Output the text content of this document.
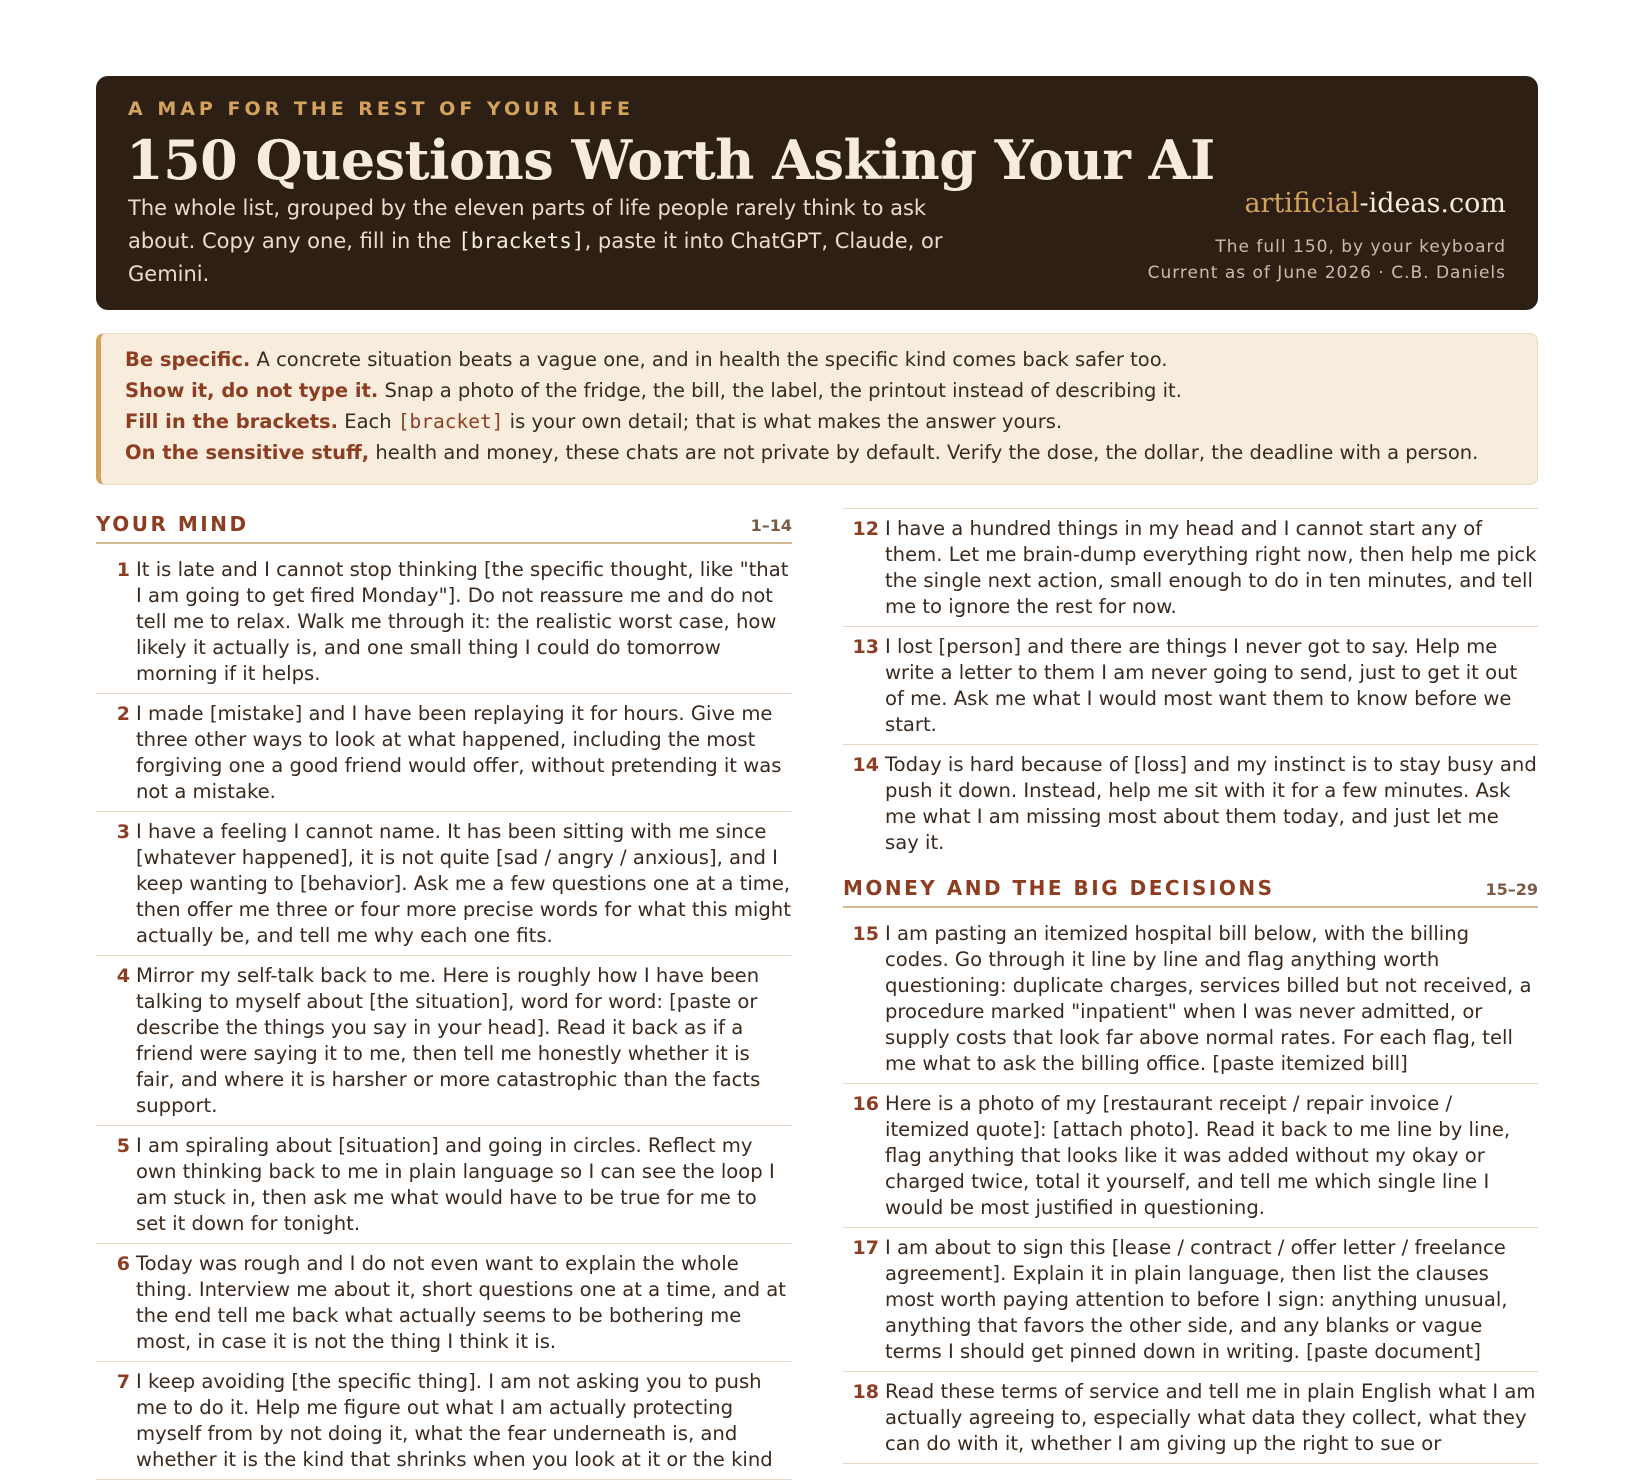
A MAP FOR THE REST OF YOUR LIFE
150 Questions Worth Asking Your AI
The whole list, grouped by the eleven parts of life people rarely think to ask about. Copy any one, fill in the [brackets], paste it into ChatGPT, Claude, or Gemini.
artificial-ideas.com
The full 150, by your keyboard
Current as of June 2026 · C.B. Daniels
Be specific. A concrete situation beats a vague one, and in health the specific kind comes back safer too.
Show it, do not type it. Snap a photo of the fridge, the bill, the label, the printout instead of describing it.
Fill in the brackets. Each [bracket] is your own detail; that is what makes the answer yours.
On the sensitive stuff, health and money, these chats are not private by default. Verify the dose, the dollar, the deadline with a person.
YOUR MIND	1–14
1 It is late and I cannot stop thinking [the specific thought, like "that I am going to get fired Monday"]. Do not reassure me and do not tell me to relax. Walk me through it: the realistic worst case, how likely it actually is, and one small thing I could do tomorrow morning if it helps.
2 I made [mistake] and I have been replaying it for hours. Give me three other ways to look at what happened, including the most forgiving one a good friend would offer, without pretending it was not a mistake.
3 I have a feeling I cannot name. It has been sitting with me since [whatever happened], it is not quite [sad / angry / anxious], and I keep wanting to [behavior]. Ask me a few questions one at a time, then offer me three or four more precise words for what this might actually be, and tell me why each one fits.
4 Mirror my self-talk back to me. Here is roughly how I have been talking to myself about [the situation], word for word: [paste or describe the things you say in your head]. Read it back as if a friend were saying it to me, then tell me honestly whether it is fair, and where it is harsher or more catastrophic than the facts support.
5 I am spiraling about [situation] and going in circles. Reflect my own thinking back to me in plain language so I can see the loop I am stuck in, then ask me what would have to be true for me to set it down for tonight.
6 Today was rough and I do not even want to explain the whole thing. Interview me about it, short questions one at a time, and at the end tell me back what actually seems to be bothering me most, in case it is not the thing I think it is.
7 I keep avoiding [the specific thing]. I am not asking you to push me to do it. Help me figure out what I am actually protecting myself from by not doing it, what the fear underneath is, and whether it is the kind that shrinks when you look at it or the kind
12 I have a hundred things in my head and I cannot start any of them. Let me brain-dump everything right now, then help me pick the single next action, small enough to do in ten minutes, and tell me to ignore the rest for now.
13 I lost [person] and there are things I never got to say. Help me write a letter to them I am never going to send, just to get it out of me. Ask me what I would most want them to know before we start.
14 Today is hard because of [loss] and my instinct is to stay busy and push it down. Instead, help me sit with it for a few minutes. Ask me what I am missing most about them today, and just let me say it.
MONEY AND THE BIG DECISIONS	15–29
15 I am pasting an itemized hospital bill below, with the billing codes. Go through it line by line and flag anything worth questioning: duplicate charges, services billed but not received, a procedure marked "inpatient" when I was never admitted, or supply costs that look far above normal rates. For each flag, tell me what to ask the billing office. [paste itemized bill]
16 Here is a photo of my [restaurant receipt / repair invoice / itemized quote]: [attach photo]. Read it back to me line by line, flag anything that looks like it was added without my okay or charged twice, total it yourself, and tell me which single line I would be most justified in questioning.
17 I am about to sign this [lease / contract / offer letter / freelance agreement]. Explain it in plain language, then list the clauses most worth paying attention to before I sign: anything unusual, anything that favors the other side, and any blanks or vague terms I should get pinned down in writing. [paste document]
18 Read these terms of service and tell me in plain English what I am actually agreeing to, especially what data they collect, what they can do with it, whether I am giving up the right to sue or
